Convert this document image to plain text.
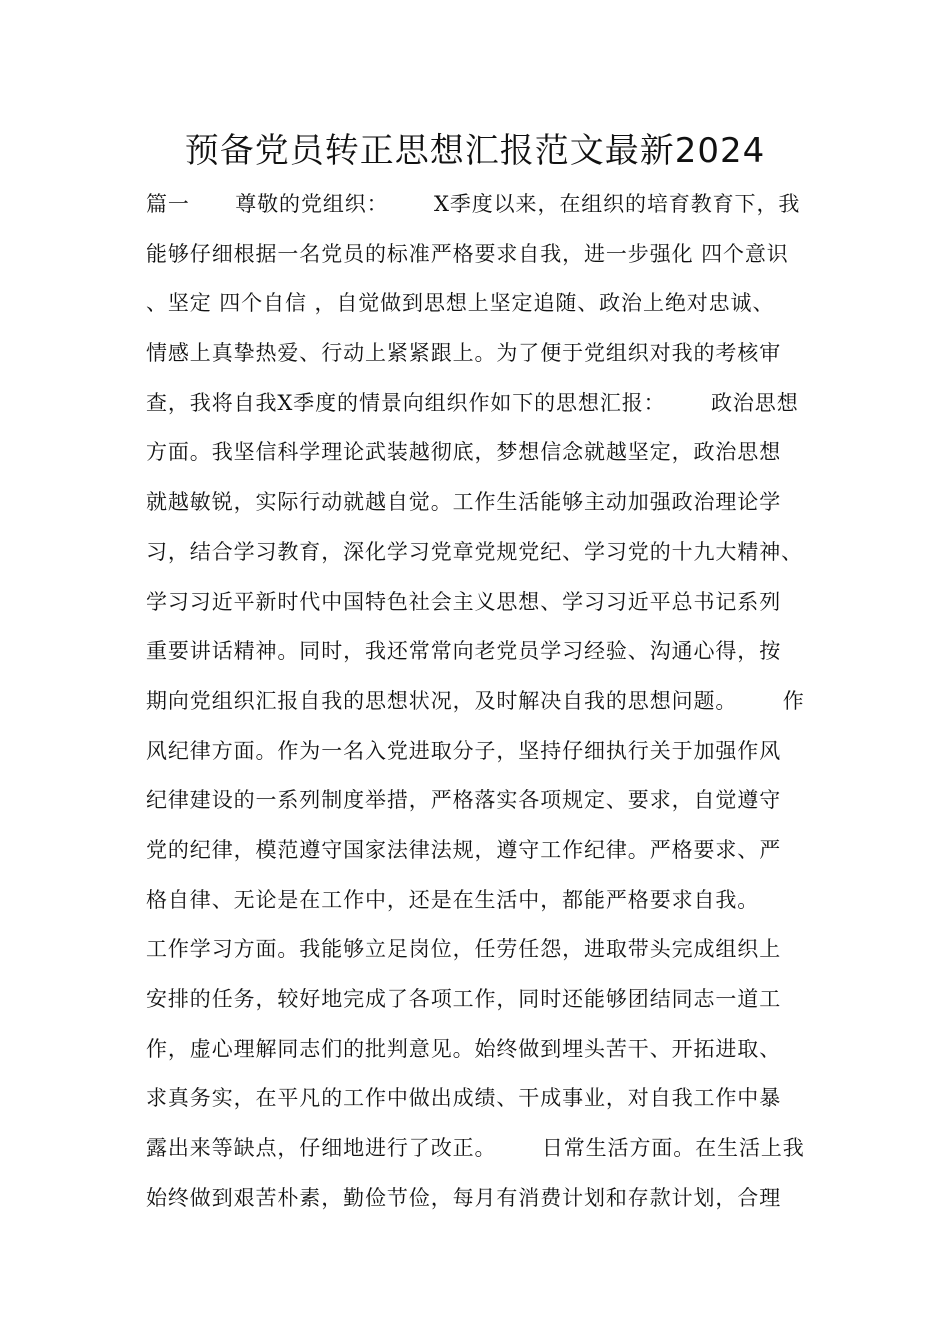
预备党员转正思想汇报范文最新2024
篇一      尊敬的党组织：      X季度以来，在组织的培育教育下，我
能够仔细根据一名党员的标准严格要求自我，进一步强化 四个意识
、坚定 四个自信 ，自觉做到思想上坚定追随、政治上绝对忠诚、
情感上真挚热爱、行动上紧紧跟上。为了便于党组织对我的考核审
查，我将自我X季度的情景向组织作如下的思想汇报：      政治思想
方面。我坚信科学理论武装越彻底，梦想信念就越坚定，政治思想
就越敏锐，实际行动就越自觉。工作生活能够主动加强政治理论学
习，结合学习教育，深化学习党章党规党纪、学习党的十九大精神、
学习习近平新时代中国特色社会主义思想、学习习近平总书记系列
重要讲话精神。同时，我还常常向老党员学习经验、沟通心得，按
期向党组织汇报自我的思想状况，及时解决自我的思想问题。      作
风纪律方面。作为一名入党进取分子，坚持仔细执行关于加强作风
纪律建设的一系列制度举措，严格落实各项规定、要求，自觉遵守
党的纪律，模范遵守国家法律法规，遵守工作纪律。严格要求、严
格自律、无论是在工作中，还是在生活中，都能严格要求自我。
工作学习方面。我能够立足岗位，任劳任怨，进取带头完成组织上
安排的任务，较好地完成了各项工作，同时还能够团结同志一道工
作，虚心理解同志们的批判意见。始终做到埋头苦干、开拓进取、
求真务实，在平凡的工作中做出成绩、干成事业，对自我工作中暴
露出来等缺点，仔细地进行了改正。      日常生活方面。在生活上我
始终做到艰苦朴素，勤俭节俭，每月有消费计划和存款计划，合理
